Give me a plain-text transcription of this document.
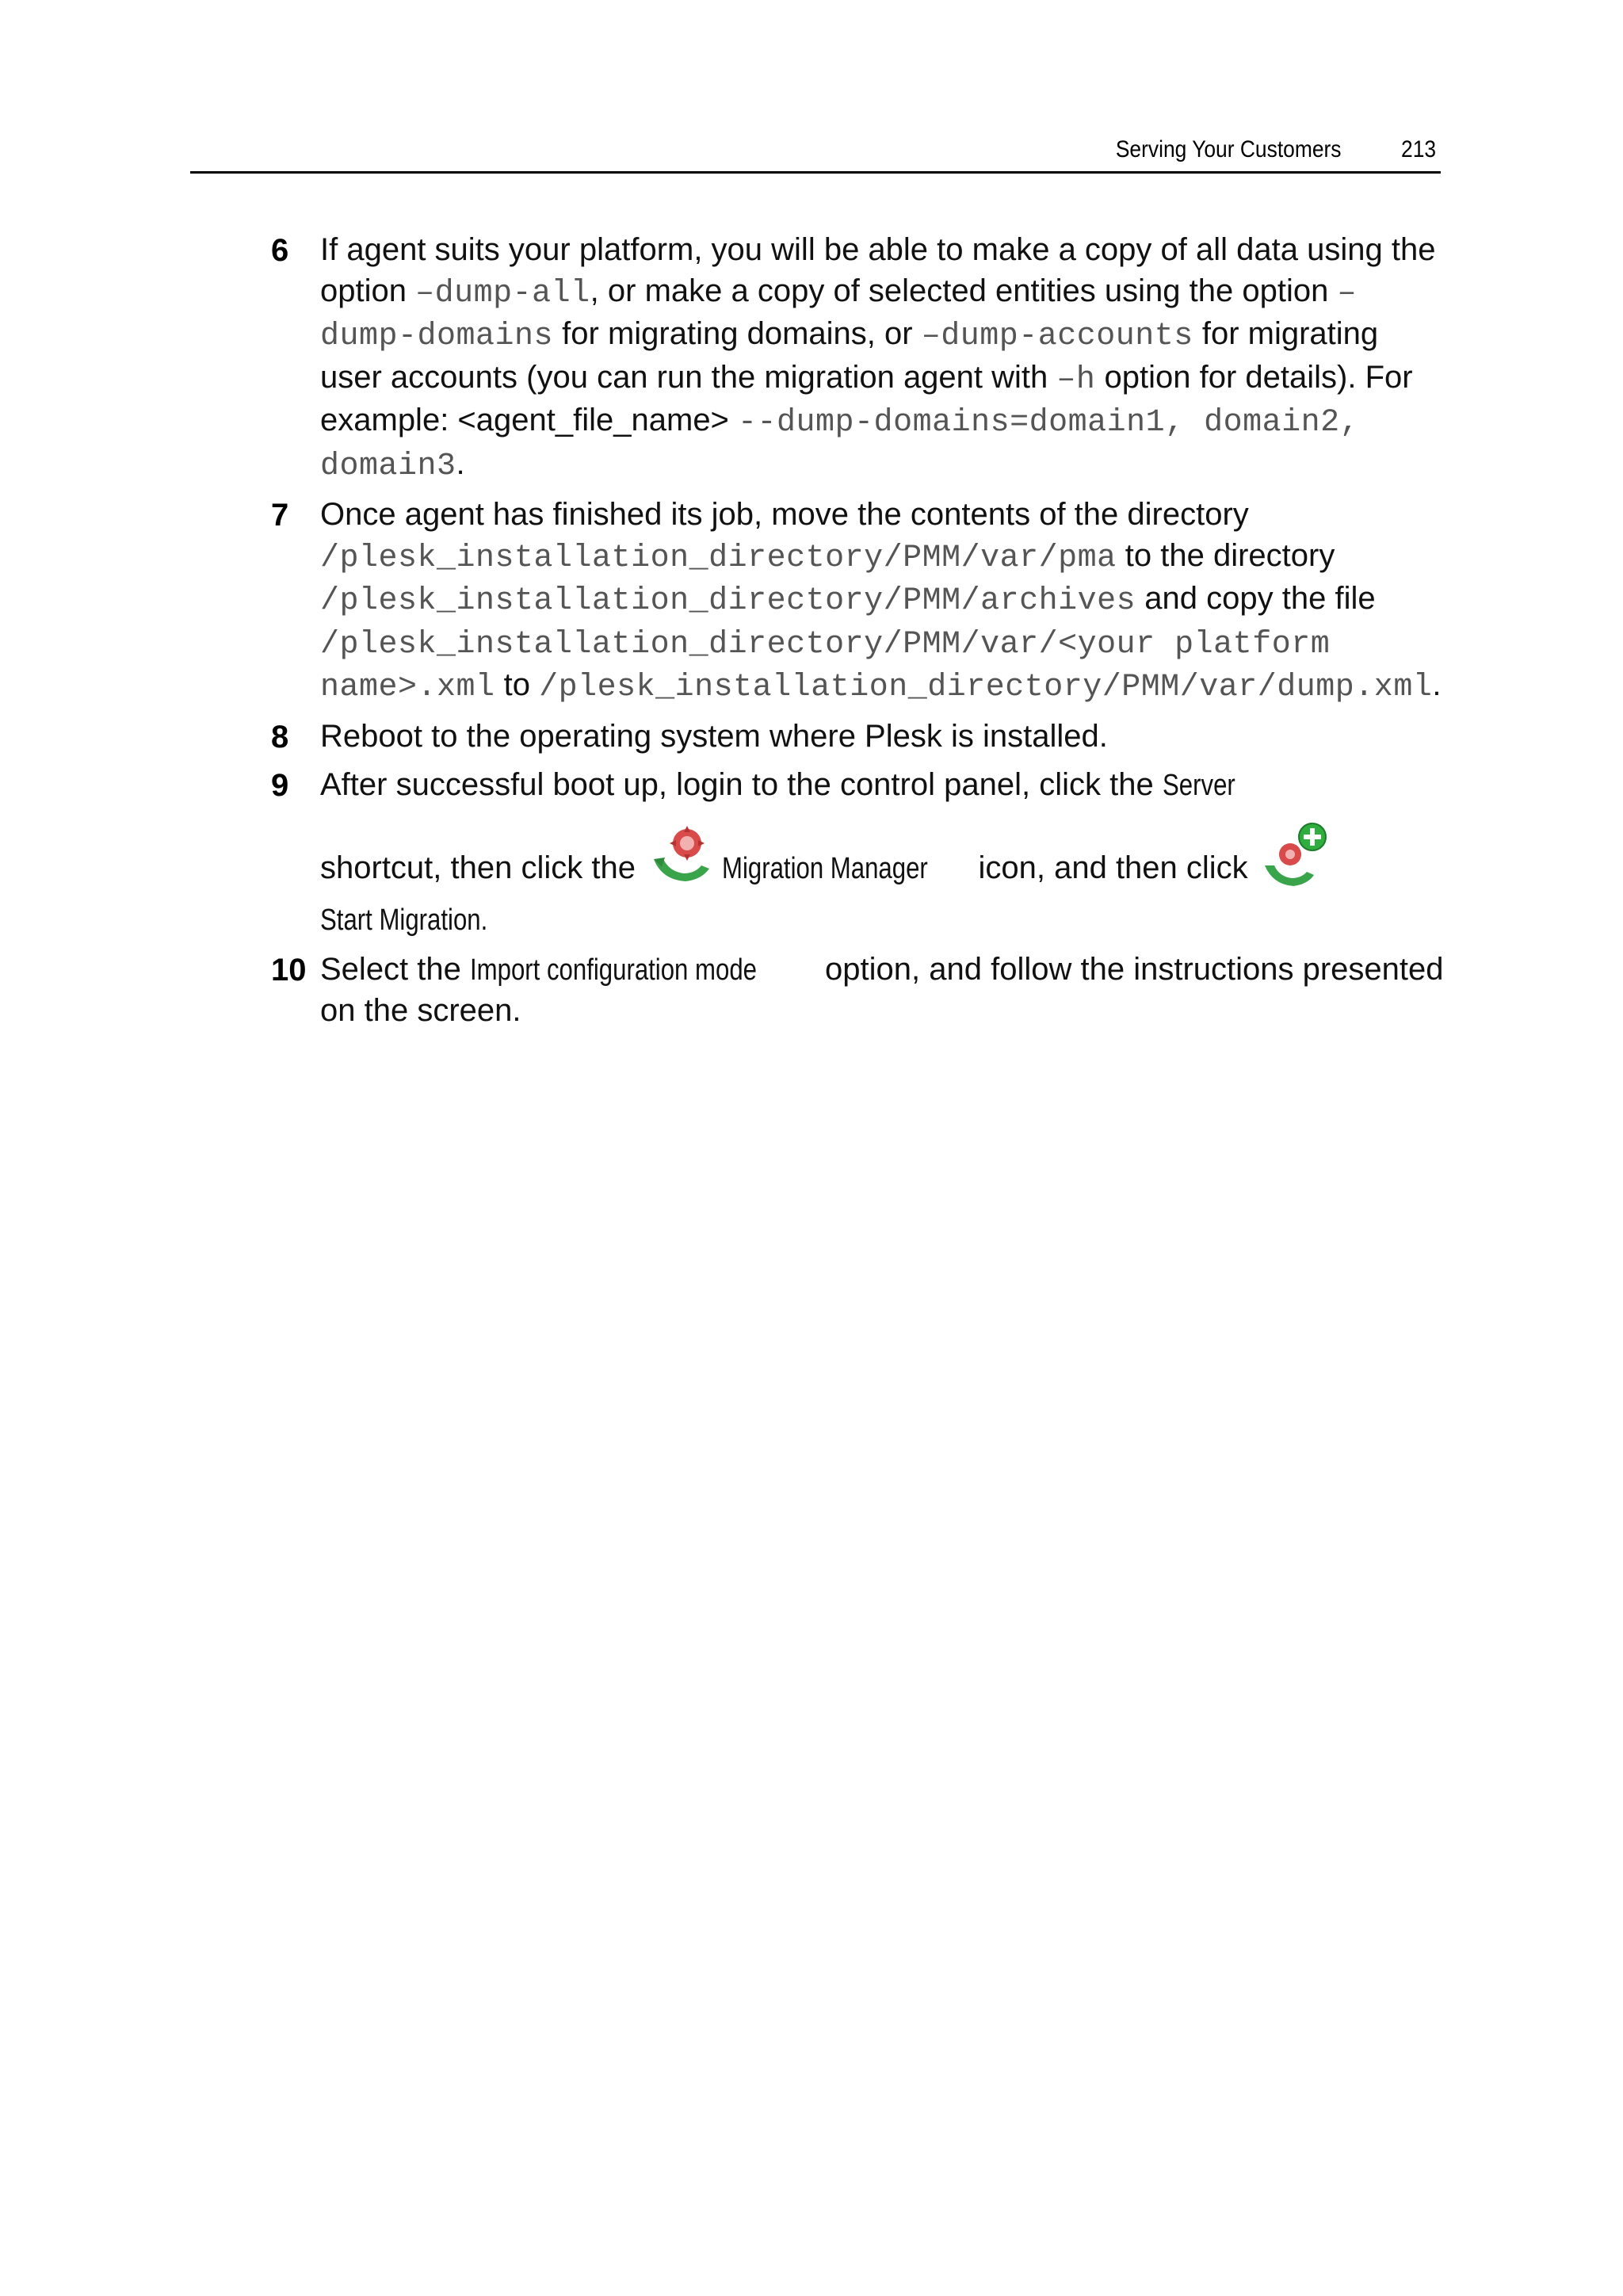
Serving Your Customers	213
6 If agent suits your platform, you will be able to make a copy of all data using the option –dump-all, or make a copy of selected entities using the option –dump-domains for migrating domains, or –dump-accounts for migrating user accounts (you can run the migration agent with –h option for details). For example: <agent_file_name> --dump-domains=domain1, domain2, domain3.
7 Once agent has finished its job, move the contents of the directory /plesk_installation_directory/PMM/var/pma to the directory /plesk_installation_directory/PMM/archives and copy the file /plesk_installation_directory/PMM/var/<your platform name>.xml to /plesk_installation_directory/PMM/var/dump.xml.
8 Reboot to the operating system where Plesk is installed.
9 After successful boot up, login to the control panel, click the Server
shortcut, then click the	Migration Manager icon, and then click Start Migration.
10 Select the Import configuration mode option, and follow the instructions presented on the screen.
